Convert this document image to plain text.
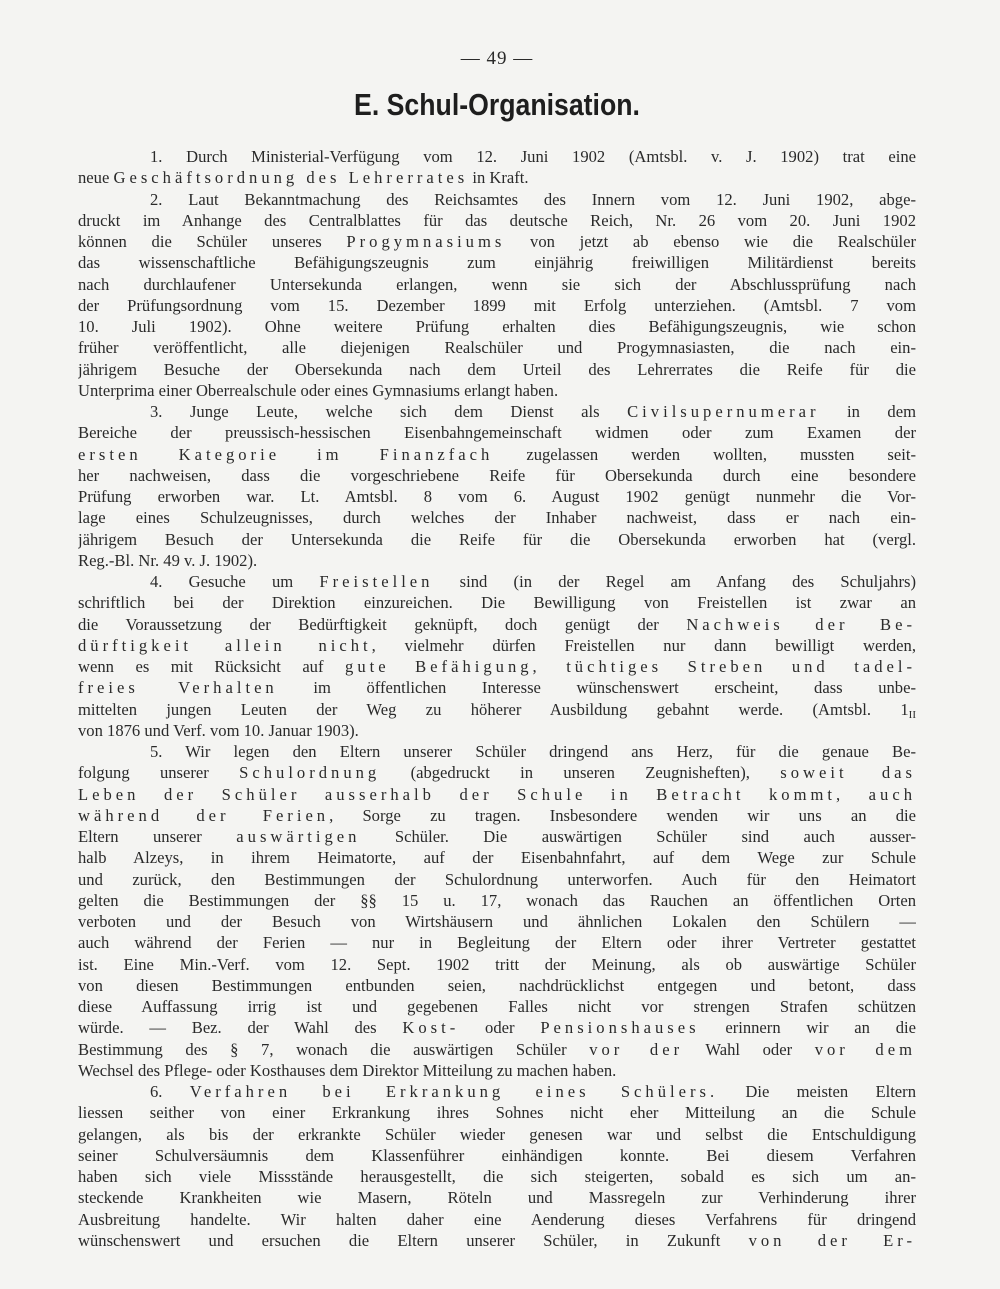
— 49 —
E. Schul-Organisation.
1. Durch Ministerial-Verfügung vom 12. Juni 1902 (Amtsbl. v. J. 1902) trat eine
neue Geschäftsordnung des Lehrerrates in Kraft.
2. Laut Bekanntmachung des Reichsamtes des Innern vom 12. Juni 1902, abge-
druckt im Anhange des Centralblattes für das deutsche Reich, Nr. 26 vom 20. Juni 1902
können die Schüler unseres Progymnasiums von jetzt ab ebenso wie die Realschüler
das wissenschaftliche Befähigungszeugnis zum einjährig freiwilligen Militärdienst bereits
nach durchlaufener Untersekunda erlangen, wenn sie sich der Abschlussprüfung nach
der Prüfungsordnung vom 15. Dezember 1899 mit Erfolg unterziehen. (Amtsbl. 7 vom
10. Juli 1902). Ohne weitere Prüfung erhalten dies Befähigungszeugnis, wie schon
früher veröffentlicht, alle diejenigen Realschüler und Progymnasiasten, die nach ein-
jährigem Besuche der Obersekunda nach dem Urteil des Lehrerrates die Reife für die
Unterprima einer Oberrealschule oder eines Gymnasiums erlangt haben.
3. Junge Leute, welche sich dem Dienst als Civilsupernumerar in dem
Bereiche der preussisch-hessischen Eisenbahngemeinschaft widmen oder zum Examen der
ersten Kategorie im Finanzfach zugelassen werden wollten, mussten seit-
her nachweisen, dass die vorgeschriebene Reife für Obersekunda durch eine besondere
Prüfung erworben war. Lt. Amtsbl. 8 vom 6. August 1902 genügt nunmehr die Vor-
lage eines Schulzeugnisses, durch welches der Inhaber nachweist, dass er nach ein-
jährigem Besuch der Untersekunda die Reife für die Obersekunda erworben hat (vergl.
Reg.-Bl. Nr. 49 v. J. 1902).
4. Gesuche um Freistellen sind (in der Regel am Anfang des Schuljahrs)
schriftlich bei der Direktion einzureichen. Die Bewilligung von Freistellen ist zwar an
die Voraussetzung der Bedürftigkeit geknüpft, doch genügt der Nachweis der Be-
dürftigkeit allein nicht, vielmehr dürfen Freistellen nur dann bewilligt werden,
wenn es mit Rücksicht auf gute Befähigung, tüchtiges Streben und tadel-
freies Verhalten im öffentlichen Interesse wünschenswert erscheint, dass unbe-
mittelten jungen Leuten der Weg zu höherer Ausbildung gebahnt werde. (Amtsbl. $1_{II}$
von 1876 und Verf. vom 10. Januar 1903).
5. Wir legen den Eltern unserer Schüler dringend ans Herz, für die genaue Be-
folgung unserer Schulordnung (abgedruckt in unseren Zeugnisheften), soweit das
Leben der Schüler ausserhalb der Schule in Betracht kommt, auch
während der Ferien, Sorge zu tragen. Insbesondere wenden wir uns an die
Eltern unserer auswärtigen Schüler. Die auswärtigen Schüler sind auch ausser-
halb Alzeys, in ihrem Heimatorte, auf der Eisenbahnfahrt, auf dem Wege zur Schule
und zurück, den Bestimmungen der Schulordnung unterworfen. Auch für den Heimatort
gelten die Bestimmungen der §§ 15 u. 17, wonach das Rauchen an öffentlichen Orten
verboten und der Besuch von Wirtshäusern und ähnlichen Lokalen den Schülern —
auch während der Ferien — nur in Begleitung der Eltern oder ihrer Vertreter gestattet
ist. Eine Min.-Verf. vom 12. Sept. 1902 tritt der Meinung, als ob auswärtige Schüler
von diesen Bestimmungen entbunden seien, nachdrücklichst entgegen und betont, dass
diese Auffassung irrig ist und gegebenen Falles nicht vor strengen Strafen schützen
würde. — Bez. der Wahl des Kost- oder Pensionshauses erinnern wir an die
Bestimmung des § 7, wonach die auswärtigen Schüler vor der Wahl oder vor dem
Wechsel des Pflege- oder Kosthauses dem Direktor Mitteilung zu machen haben.
6. Verfahren bei Erkrankung eines Schülers. Die meisten Eltern
liessen seither von einer Erkrankung ihres Sohnes nicht eher Mitteilung an die Schule
gelangen, als bis der erkrankte Schüler wieder genesen war und selbst die Entschuldigung
seiner Schulversäumnis dem Klassenführer einhändigen konnte. Bei diesem Verfahren
haben sich viele Missstände herausgestellt, die sich steigerten, sobald es sich um an-
steckende Krankheiten wie Masern, Röteln und Massregeln zur Verhinderung ihrer
Ausbreitung handelte. Wir halten daher eine Aenderung dieses Verfahrens für dringend
wünschenswert und ersuchen die Eltern unserer Schüler, in Zukunft von der Er-
